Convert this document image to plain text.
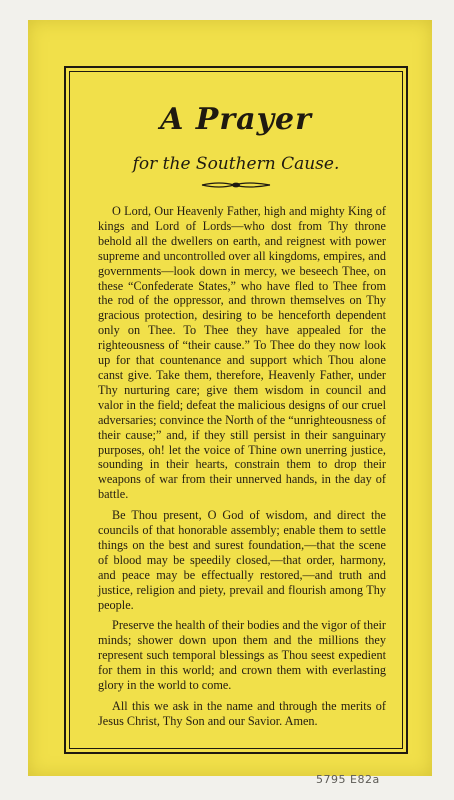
A Prayer
for the Southern Cause.

O Lord, Our Heavenly Father, high and mighty King of kings and Lord of Lords—who dost from Thy throne behold all the dwellers on earth, and reignest with power supreme and uncontrolled over all kingdoms, empires, and governments—look down in mercy, we beseech Thee, on these “Confederate States,” who have fled to Thee from the rod of the oppressor, and thrown themselves on Thy gracious protection, desiring to be henceforth dependent only on Thee. To Thee they have appealed for the righteousness of “their cause.” To Thee do they now look up for that countenance and support which Thou alone canst give. Take them, therefore, Heavenly Father, under Thy nurturing care; give them wisdom in council and valor in the field; defeat the malicious designs of our cruel adversaries; convince the North of the “unrighteousness of their cause;” and, if they still persist in their sanguinary purposes, oh! let the voice of Thine own unerring justice, sounding in their hearts, constrain them to drop their weapons of war from their unnerved hands, in the day of battle.

Be Thou present, O God of wisdom, and direct the councils of that honorable assembly; enable them to settle things on the best and surest foundation,—that the scene of blood may be speedily closed,—that order, harmony, and peace may be effectually restored,—and truth and justice, religion and piety, prevail and flourish among Thy people.

Preserve the health of their bodies and the vigor of their minds; shower down upon them and the millions they represent such temporal blessings as Thou seest expedient for them in this world; and crown them with everlasting glory in the world to come.

All this we ask in the name and through the merits of Jesus Christ, Thy Son and our Savior. Amen.

5795 E82a
